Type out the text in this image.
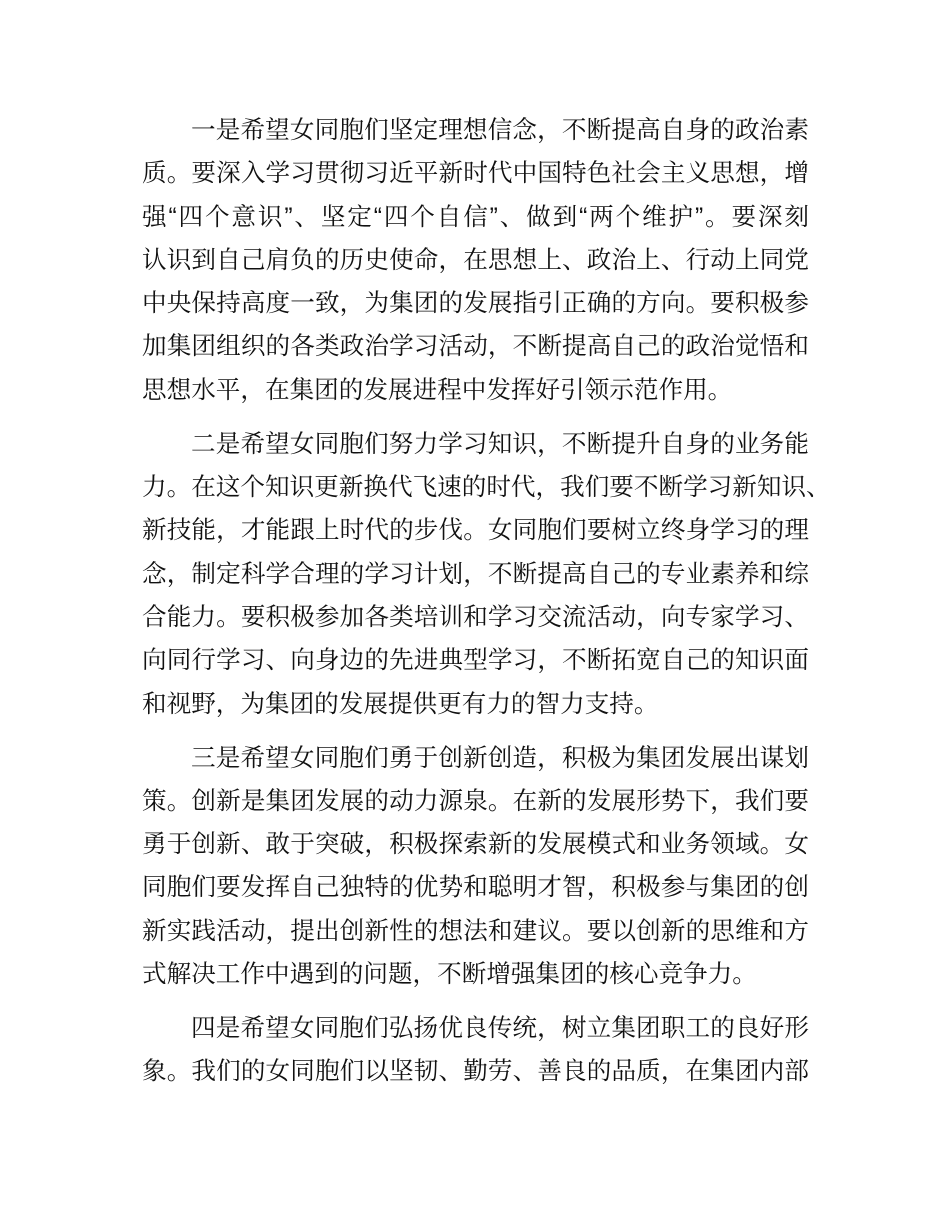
一是希望女同胞们坚定理想信念，不断提高自身的政治素
质。要深入学习贯彻习近平新时代中国特色社会主义思想，增
强“四个意识”、坚定“四个自信”、做到“两个维护”。要深刻
认识到自己肩负的历史使命，在思想上、政治上、行动上同党
中央保持高度一致，为集团的发展指引正确的方向。要积极参
加集团组织的各类政治学习活动，不断提高自己的政治觉悟和
思想水平，在集团的发展进程中发挥好引领示范作用。
二是希望女同胞们努力学习知识，不断提升自身的业务能
力。在这个知识更新换代飞速的时代，我们要不断学习新知识、
新技能，才能跟上时代的步伐。女同胞们要树立终身学习的理
念，制定科学合理的学习计划，不断提高自己的专业素养和综
合能力。要积极参加各类培训和学习交流活动，向专家学习、
向同行学习、向身边的先进典型学习，不断拓宽自己的知识面
和视野，为集团的发展提供更有力的智力支持。
三是希望女同胞们勇于创新创造，积极为集团发展出谋划
策。创新是集团发展的动力源泉。在新的发展形势下，我们要
勇于创新、敢于突破，积极探索新的发展模式和业务领域。女
同胞们要发挥自己独特的优势和聪明才智，积极参与集团的创
新实践活动，提出创新性的想法和建议。要以创新的思维和方
式解决工作中遇到的问题，不断增强集团的核心竞争力。
四是希望女同胞们弘扬优良传统，树立集团职工的良好形
象。我们的女同胞们以坚韧、勤劳、善良的品质，在集团内部
